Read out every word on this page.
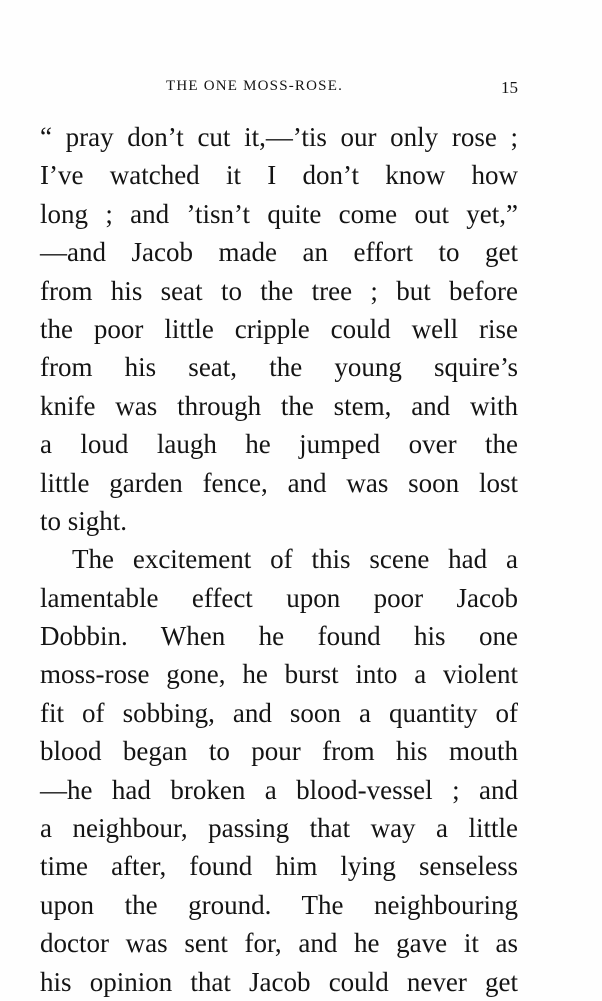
THE ONE MOSS-ROSE.	15
“ pray don’t cut it,—’tis our only rose ;
I’ve watched it I don’t know how
long ; and ’tisn’t quite come out yet,”
—and Jacob made an effort to get
from his seat to the tree ; but before
the poor little cripple could well rise
from his seat, the young squire’s
knife was through the stem, and with
a loud laugh he jumped over the
little garden fence, and was soon lost
to sight.
The excitement of this scene had a
lamentable effect upon poor Jacob
Dobbin. When he found his one
moss-rose gone, he burst into a violent
fit of sobbing, and soon a quantity of
blood began to pour from his mouth
—he had broken a blood-vessel ; and
a neighbour, passing that way a little
time after, found him lying senseless
upon the ground. The neighbouring
doctor was sent for, and he gave it as
his opinion that Jacob could never get
